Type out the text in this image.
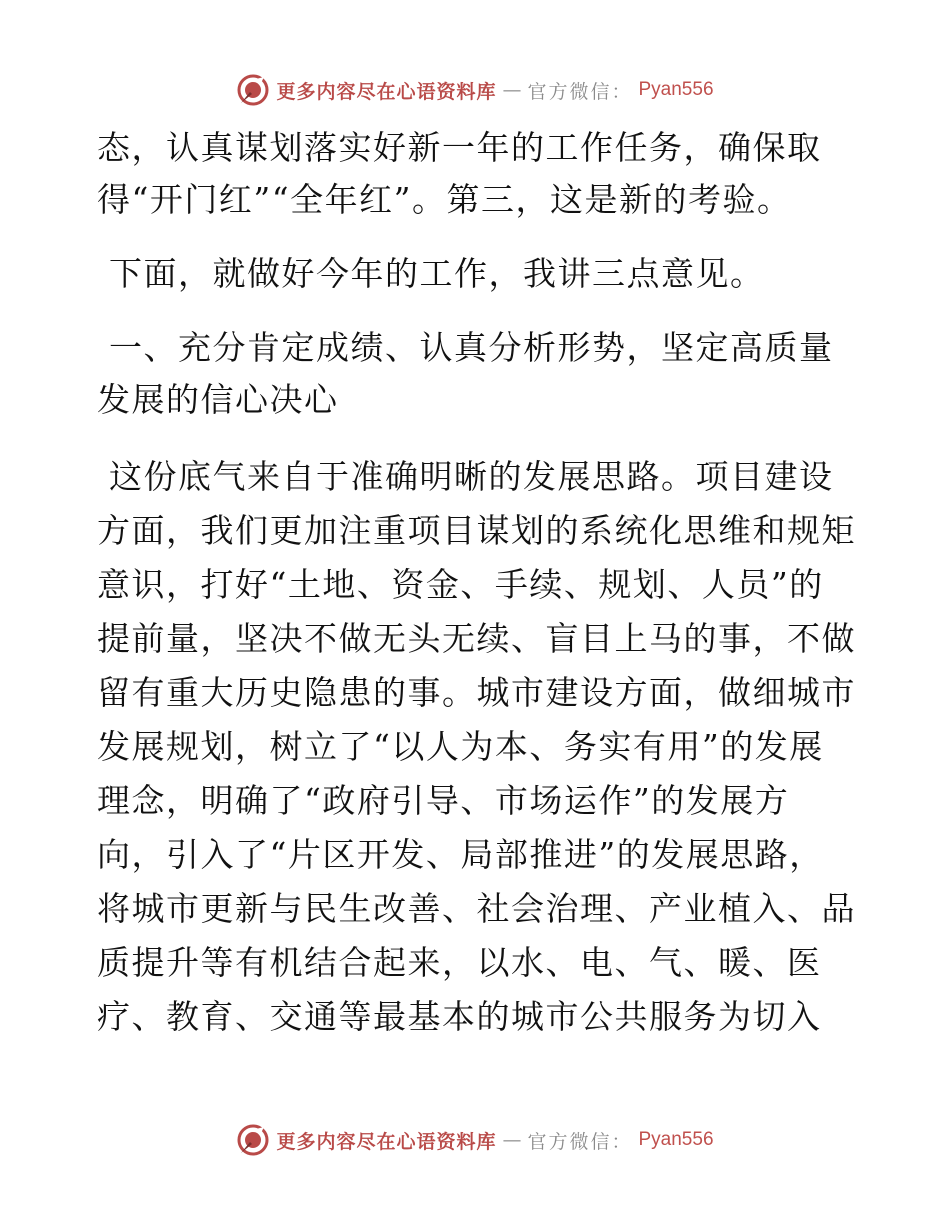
更多内容尽在心语资料库 — 官方微信： Pyan556

态，认真谋划落实好新一年的工作任务，确保取
得“开门红”“全年红”。第三，这是新的考验。

下面，就做好今年的工作，我讲三点意见。

一、充分肯定成绩、认真分析形势，坚定高质量
发展的信心决心

这份底气来自于准确明晰的发展思路。项目建设
方面，我们更加注重项目谋划的系统化思维和规矩
意识，打好“土地、资金、手续、规划、人员”的
提前量，坚决不做无头无续、盲目上马的事，不做
留有重大历史隐患的事。城市建设方面，做细城市
发展规划，树立了“以人为本、务实有用”的发展
理念，明确了“政府引导、市场运作”的发展方
向，引入了“片区开发、局部推进”的发展思路，
将城市更新与民生改善、社会治理、产业植入、品
质提升等有机结合起来，以水、电、气、暖、医
疗、教育、交通等最基本的城市公共服务为切入

更多内容尽在心语资料库 — 官方微信： Pyan556
